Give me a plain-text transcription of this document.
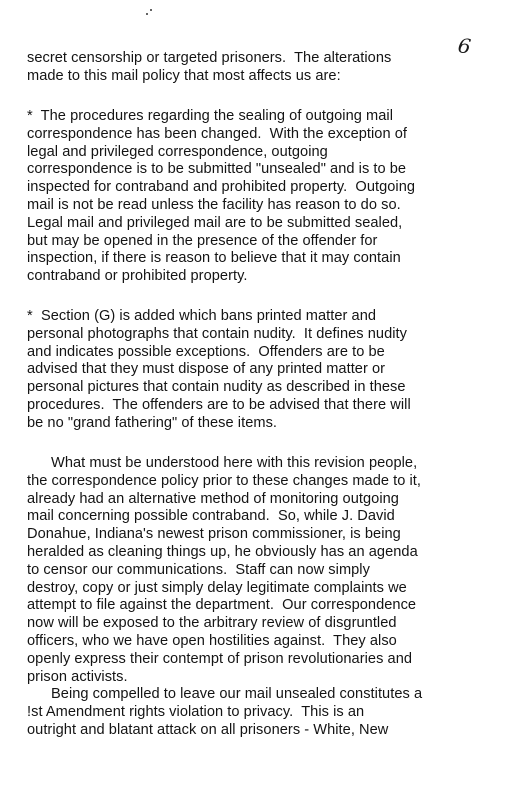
6
secret censorship or targeted prisoners.  The alterations
made to this mail policy that most affects us are:
*  The procedures regarding the sealing of outgoing mail
correspondence has been changed.  With the exception of
legal and privileged correspondence, outgoing
correspondence is to be submitted "unsealed" and is to be
inspected for contraband and prohibited property.  Outgoing
mail is not be read unless the facility has reason to do so.
Legal mail and privileged mail are to be submitted sealed,
but may be opened in the presence of the offender for
inspection, if there is reason to believe that it may contain
contraband or prohibited property.
*  Section (G) is added which bans printed matter and
personal photographs that contain nudity.  It defines nudity
and indicates possible exceptions.  Offenders are to be
advised that they must dispose of any printed matter or
personal pictures that contain nudity as described in these
procedures.  The offenders are to be advised that there will
be no "grand fathering" of these items.
What must be understood here with this revision people,
the correspondence policy prior to these changes made to it,
already had an alternative method of monitoring outgoing
mail concerning possible contraband.  So, while J. David
Donahue, Indiana's newest prison commissioner, is being
heralded as cleaning things up, he obviously has an agenda
to censor our communications.  Staff can now simply
destroy, copy or just simply delay legitimate complaints we
attempt to file against the department.  Our correspondence
now will be exposed to the arbitrary review of disgruntled
officers, who we have open hostilities against.  They also
openly express their contempt of prison revolutionaries and
prison activists.
Being compelled to leave our mail unsealed constitutes a
!st Amendment rights violation to privacy.  This is an
outright and blatant attack on all prisoners - White, New
